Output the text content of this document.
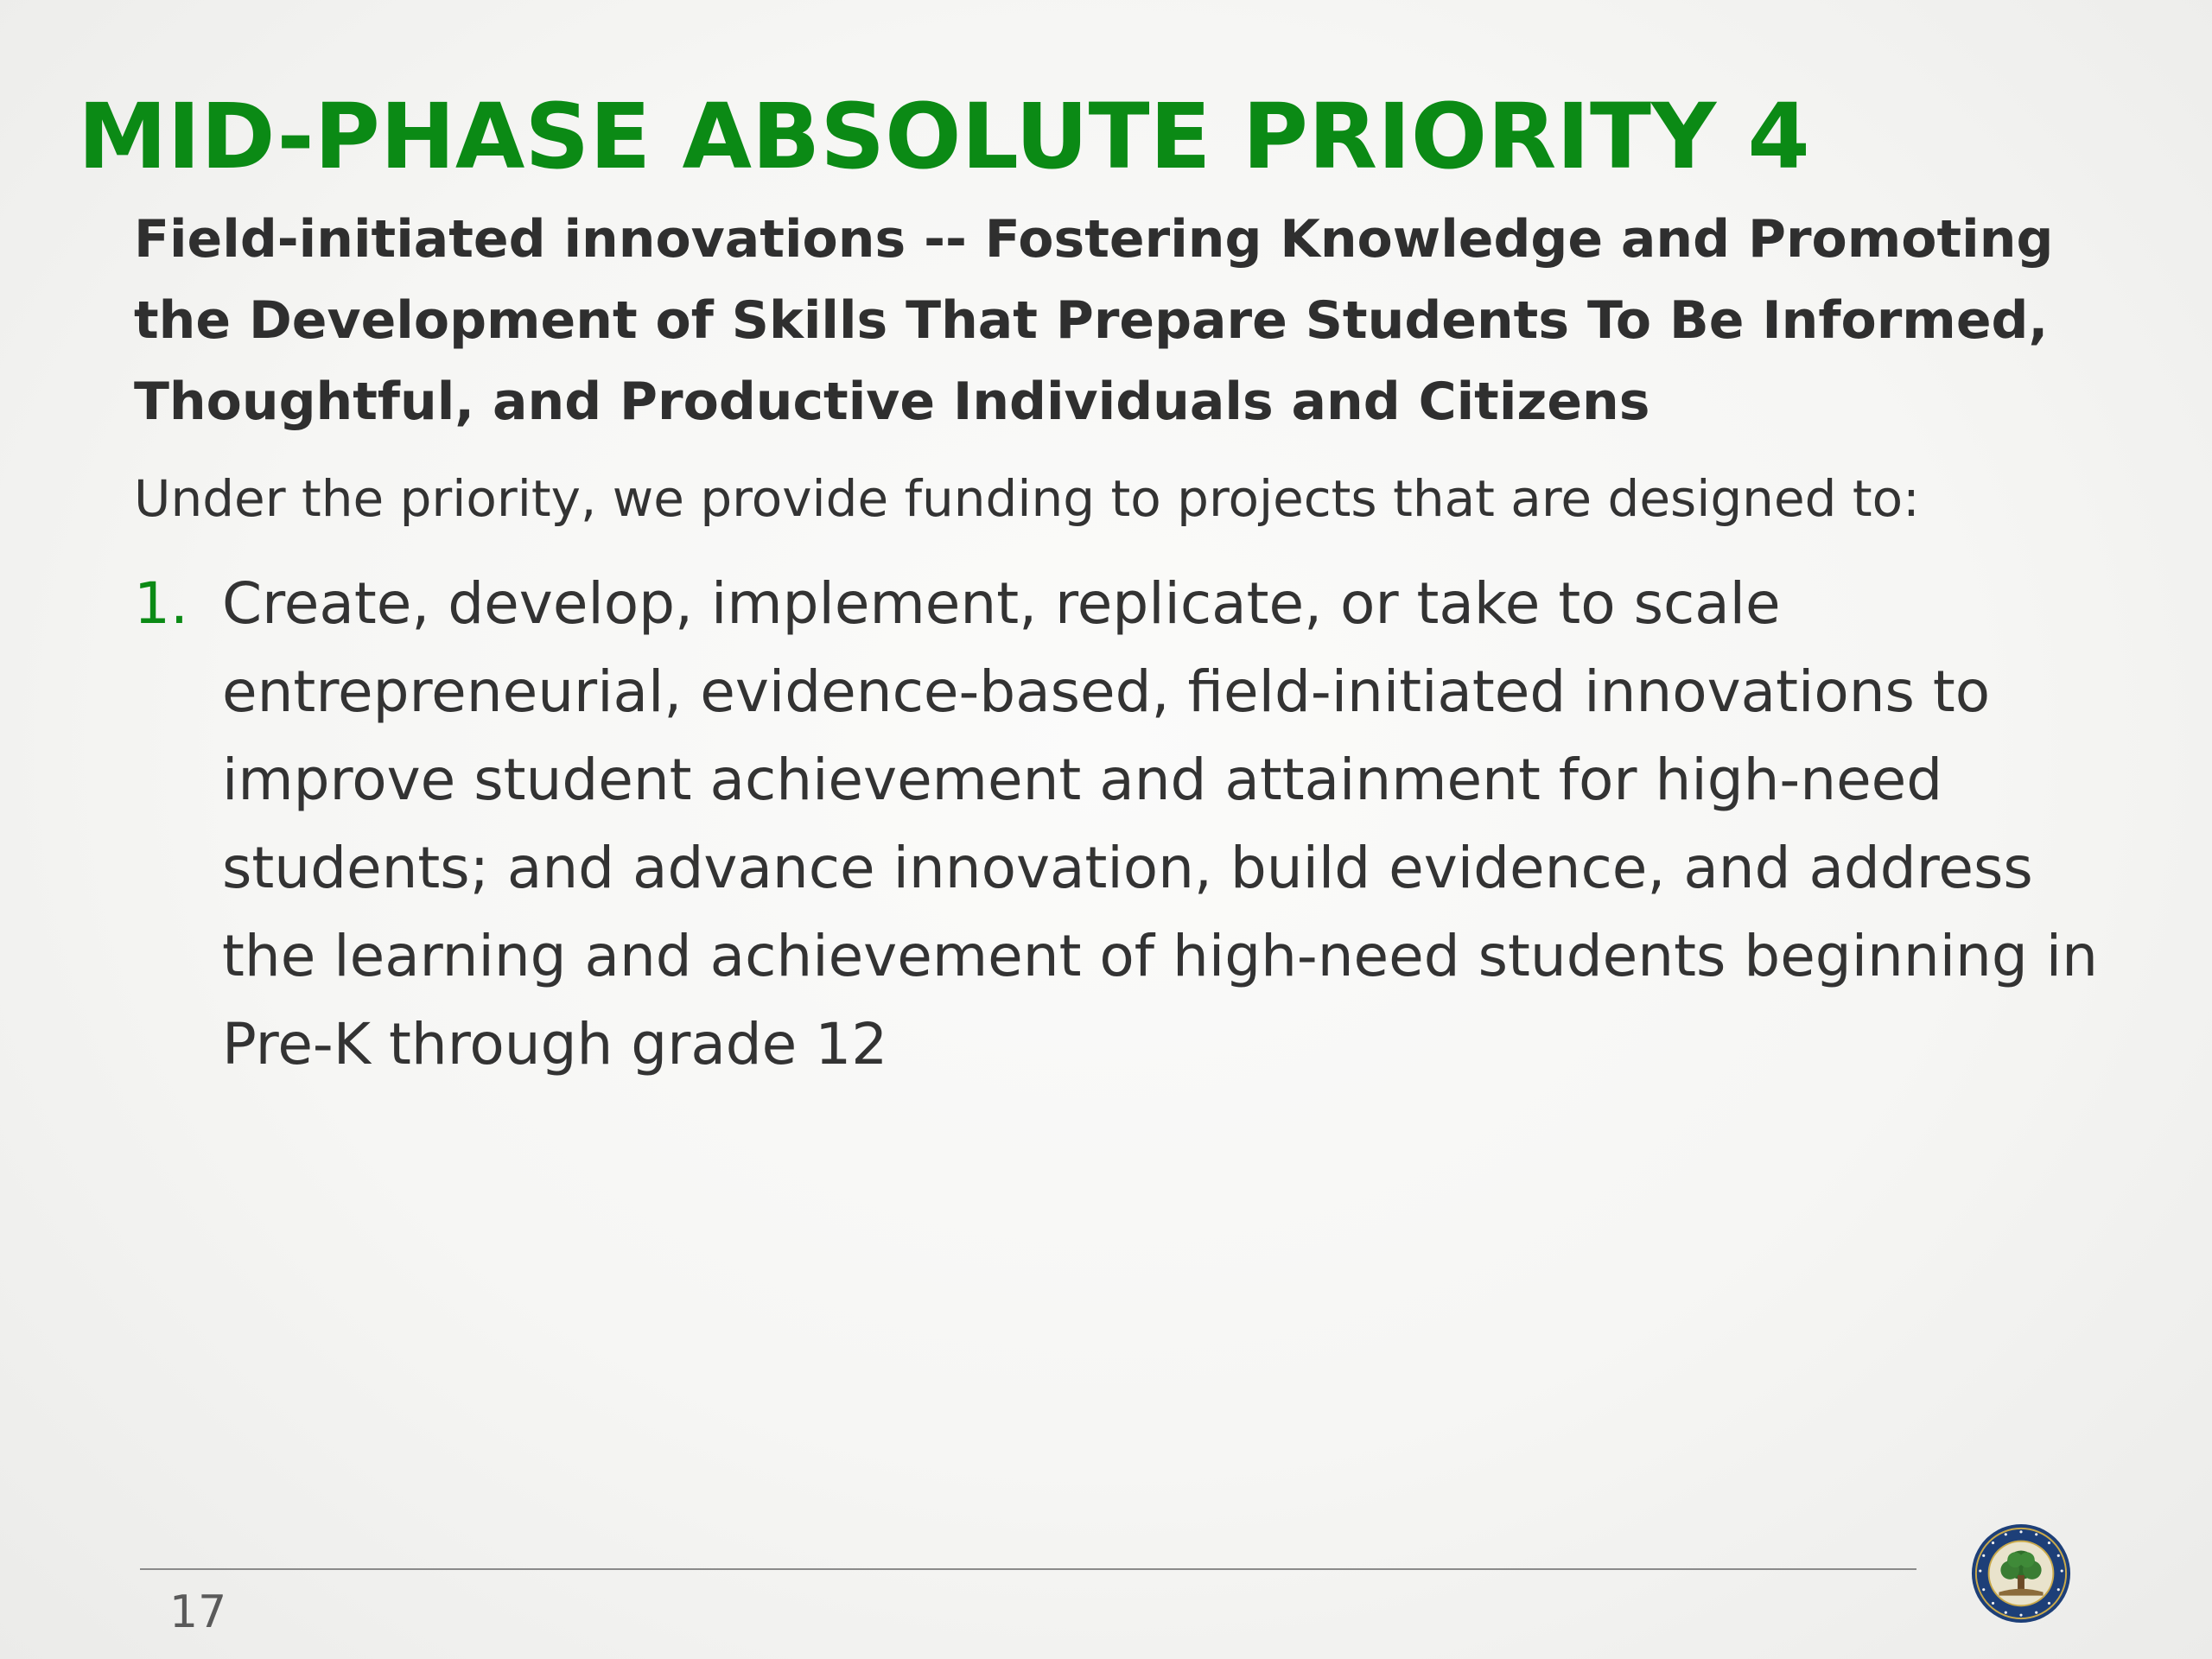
MID-PHASE ABSOLUTE PRIORITY 4

Field-initiated innovations -- Fostering Knowledge and Promoting the Development of Skills That Prepare Students To Be Informed, Thoughtful, and Productive Individuals and Citizens

Under the priority, we provide funding to projects that are designed to:

1. Create, develop, implement, replicate, or take to scale entrepreneurial, evidence-based, field-initiated innovations to improve student achievement and attainment for high-need students; and advance innovation, build evidence, and address the learning and achievement of high-need students beginning in Pre-K through grade 12
17
